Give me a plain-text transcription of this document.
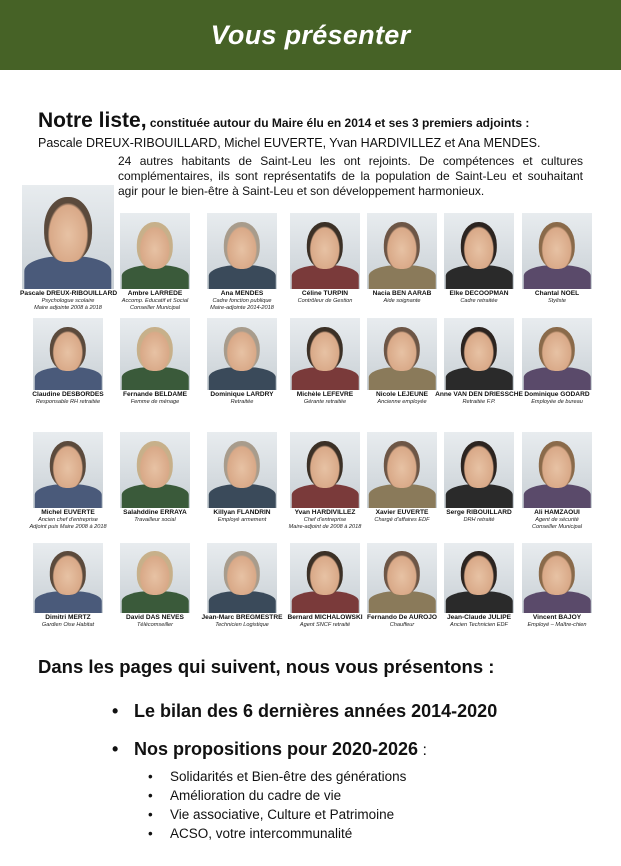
Vous présenter
Notre liste, constituée autour du Maire élu en 2014 et ses 3 premiers adjoints :
Pascale DREUX-RIBOUILLARD, Michel EUVERTE, Yvan HARDIVILLEZ et Ana MENDES.
24 autres habitants de Saint-Leu les ont rejoints. De compétences et cultures complémentaires, ils sont représentatifs de la population de Saint-Leu et souhaitant agir pour le bien-être à Saint-Leu et son développement harmonieux.
Pascale DREUX-RIBOUILLARD
Psychologue scolaire
Maire adjointe 2008 à 2018
Ambre LARREDE
Accomp. Educatif et Social
Conseiller Municipal
Ana MENDES
Cadre fonction publique
Maire-adjointe 2014-2018
Céline TURPIN
Contrôleur de Gestion
Nacia BEN AARAB
Aide soignante
Elke DECOOPMAN
Cadre retraitée
Chantal NOEL
Styliste
Claudine DESBORDES
Responsable RH retraitée
Fernande BELDAME
Femme de ménage
Dominique LARDRY
Retraitée
Michèle LEFEVRE
Gérante retraitée
Nicole LEJEUNE
Ancienne employée
Anne VAN DEN DRIESSCHE
Retraitée F.P.
Dominique GODARD
Employée de bureau
Michel EUVERTE
Ancien chef d'entreprise
Adjoint puis Maire 2008 à 2018
Salahddine ERRAYA
Travailleur social
Killyan FLANDRIN
Employé armement
Yvan HARDIVILLEZ
Chef d'entreprise
Maire-adjoint de 2008 à 2018
Xavier EUVERTE
Chargé d'affaires EDF
Serge RIBOUILLARD
DRH retraité
Ali HAMZAOUI
Agent de sécurité
Conseiller Municipal
Dimitri MERTZ
Gardien Oise Habitat
David DAS NEVES
Télécomseiller
Jean-Marc BREGMESTRE
Technicien Logistique
Bernard MICHALOWSKI
Agent SNCF retraité
Fernando De AUROJO
Chauffeur
Jean-Claude JULIPE
Ancien Technicien EDF
Vincent BAJOY
Employé – Maître-chien
Dans les pages qui suivent, nous vous présentons :
• Le bilan des 6 dernières années 2014-2020
• Nos propositions pour 2020-2026 :
• Solidarités et Bien-être des générations
• Amélioration du cadre de vie
• Vie associative, Culture et Patrimoine
• ACSO, votre intercommunalité
